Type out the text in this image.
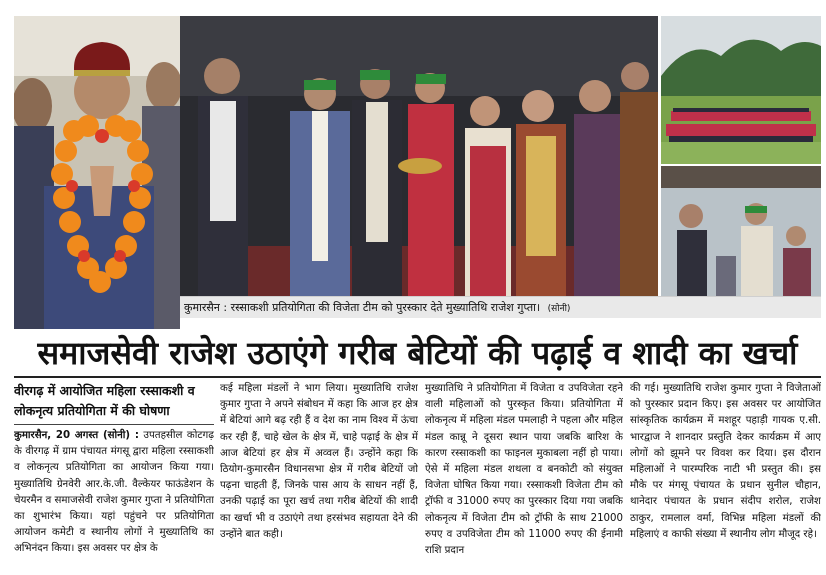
कुमारसैन : रस्साकशी प्रतियोगिता की विजेता टीम को पुरस्कार देते मुख्यातिथि राजेश गुप्ता। (सोनी)
समाजसेवी राजेश उठाएंगे गरीब बेटियों की पढ़ाई व शादी का खर्चा
वीरगढ़ में आयोजित महिला रस्साकशी व लोकनृत्य प्रतियोगिता में की घोषणा
कुमारसैन, 20 अगस्त (सोनी) : उपतहसील कोटगढ़ के वीरगढ़ में ग्राम पंचायत मंगसू द्वारा महिला रस्साकशी व लोकनृत्य प्रतियोगिता का आयोजन किया गया। मुख्यातिथि ग्रेनवेरी आर.के.जी. वैल्केयर फाऊंडेशन के चेयरमैन व समाजसेवी राजेश कुमार गुप्ता ने प्रतियोगिता का शुभारंभ किया। यहां पहुंचने पर प्रतियोगिता आयोजन कमेटी व स्थानीय लोगों ने मुख्यातिथि का अभिनंदन किया। इस अवसर पर क्षेत्र के
कई महिला मंडलों ने भाग लिया। मुख्यातिथि राजेश कुमार गुप्ता ने अपने संबोधन में कहा कि आज हर क्षेत्र में बेटियां आगे बढ़ रही हैं व देश का नाम विश्व में ऊंचा कर रही हैं, चाहे खेल के क्षेत्र में, चाहे पढ़ाई के क्षेत्र में आज बेटियां हर क्षेत्र में अव्वल हैं। उन्होंने कहा कि ठियोग-कुमारसैन विधानसभा क्षेत्र में गरीब बेटियों जो पढ़ना चाहती हैं, जिनके पास आय के साधन नहीं हैं, उनकी पढ़ाई का पूरा खर्च तथा गरीब बेटियों की शादी का खर्चा भी व उठाएंगे तथा हरसंभव सहायता देने की उन्होंने बात कही।
मुख्यातिथि ने प्रतियोगिता में विजेता व उपविजेता रहने वाली महिलाओं को पुरस्कृत किया। प्रतियोगिता में लोकनृत्य में महिला मंडल पमलाही ने पहला और महिल मंडल कान्नू ने दूसरा स्थान पाया जबकि बारिश के कारण रस्साकशी का फाइनल मुकाबला नहीं हो पाया। ऐसे में महिला मंडल शथला व बनकोटी को संयुक्त विजेता घोषित किया गया। रस्साकशी विजेता टीम को ट्रॉफी व 31000 रुपए का पुरस्कार दिया गया जबकि लोकनृत्य में विजेता टीम को ट्रॉफी के साथ 21000 रुपए व उपविजेता टीम को 11000 रुपए की ईनामी राशि प्रदान
की गई। मुख्यातिथि राजेश कुमार गुप्ता ने विजेताओं को पुरस्कार प्रदान किए। इस अवसर पर आयोजित सांस्कृतिक कार्यक्रम में मशहूर पहाड़ी गायक ए.सी. भारद्वाज ने शानदार प्रस्तुति देकर कार्यक्रम में आए लोगों को झूमने पर विवश कर दिया। इस दौरान महिलाओं ने पारम्परिक नाटी भी प्रस्तुत की। इस मौके पर मंगसू पंचायत के प्रधान सुनील चौहान, थानेदार पंचायत के प्रधान संदीप शरोल, राजेश ठाकुर, रामलाल वर्मा, विभिन्न महिला मंडलों की महिलाएं व काफी संख्या में स्थानीय लोग मौजूद रहे।
